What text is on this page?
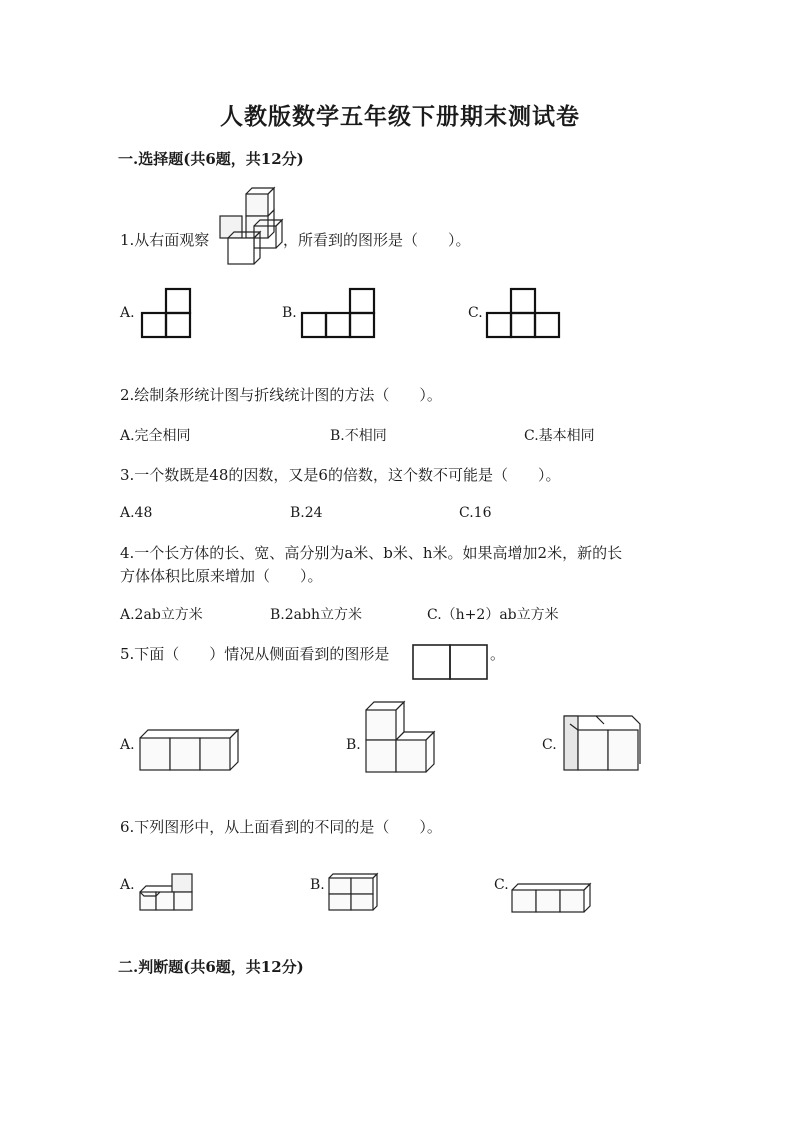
人教版数学五年级下册期末测试卷
一.选择题(共6题，共12分)
1.从右面观察	，所看到的图形是（　　）。
A.	B.	C.
2.绘制条形统计图与折线统计图的方法（　　）。
A.完全相同	B.不相同	C.基本相同
3.一个数既是48的因数，又是6的倍数，这个数不可能是（　　）。
A.48	B.24	C.16
4.一个长方体的长、宽、高分别为a米、b米、h米。如果高增加2米，新的长
方体体积比原来增加（　　）。
A.2ab立方米	B.2abh立方米	C.（h+2）ab立方米
5.下面（　　）情况从侧面看到的图形是	。
A.	B.	C.
6.下列图形中，从上面看到的不同的是（　　）。
A.	B.	C.
二.判断题(共6题，共12分)
